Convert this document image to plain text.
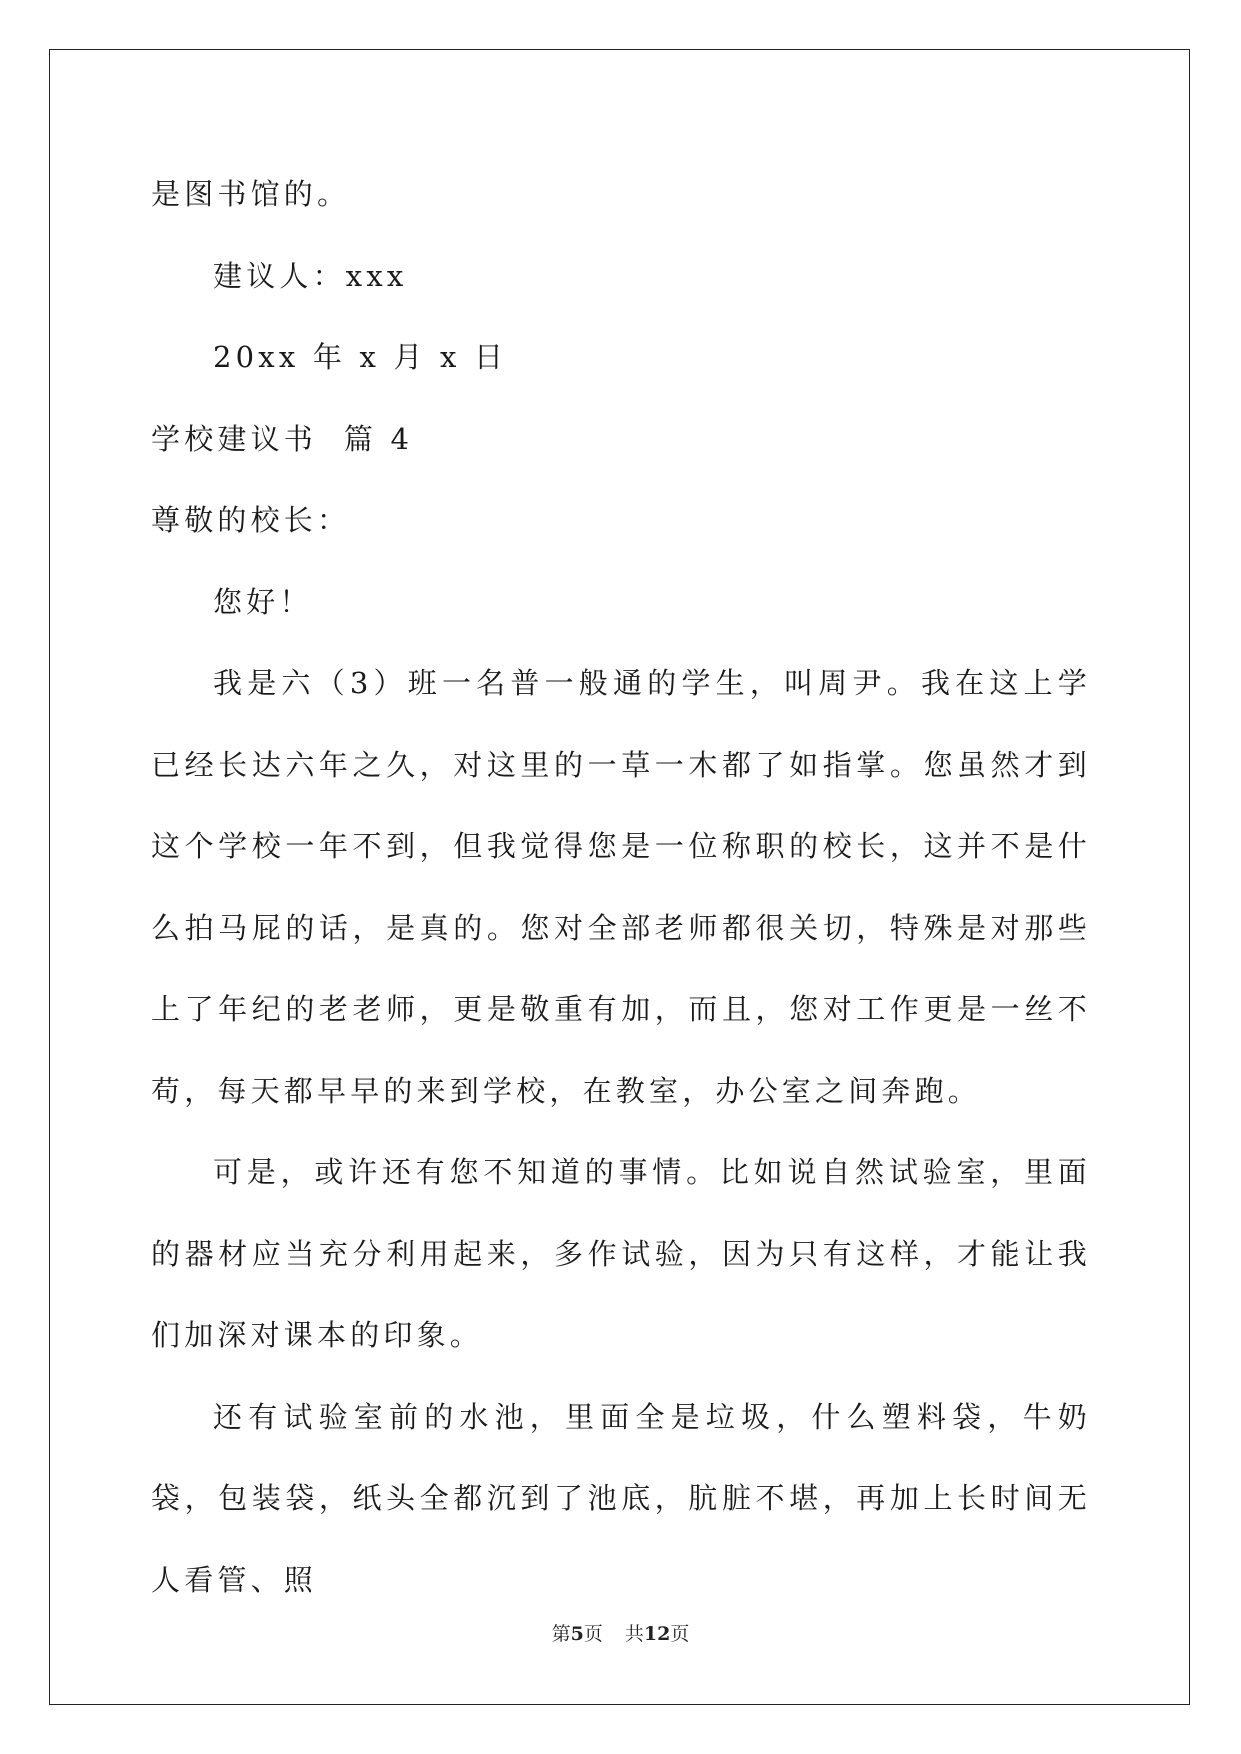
是图书馆的。

建议人：xxx

20xx 年 x 月 x 日

学校建议书  篇 4

尊敬的校长：

您好！

我是六（3）班一名普一般通的学生，叫周尹。我在这上学已经长达六年之久，对这里的一草一木都了如指掌。您虽然才到这个学校一年不到，但我觉得您是一位称职的校长，这并不是什么拍马屁的话，是真的。您对全部老师都很关切，特殊是对那些上了年纪的老老师，更是敬重有加，而且，您对工作更是一丝不苟，每天都早早的来到学校，在教室，办公室之间奔跑。

可是，或许还有您不知道的事情。比如说自然试验室，里面的器材应当充分利用起来，多作试验，因为只有这样，才能让我们加深对课本的印象。

还有试验室前的水池，里面全是垃圾，什么塑料袋，牛奶袋，包装袋，纸头全都沉到了池底，肮脏不堪，再加上长时间无人看管、照

第5页 共12页
